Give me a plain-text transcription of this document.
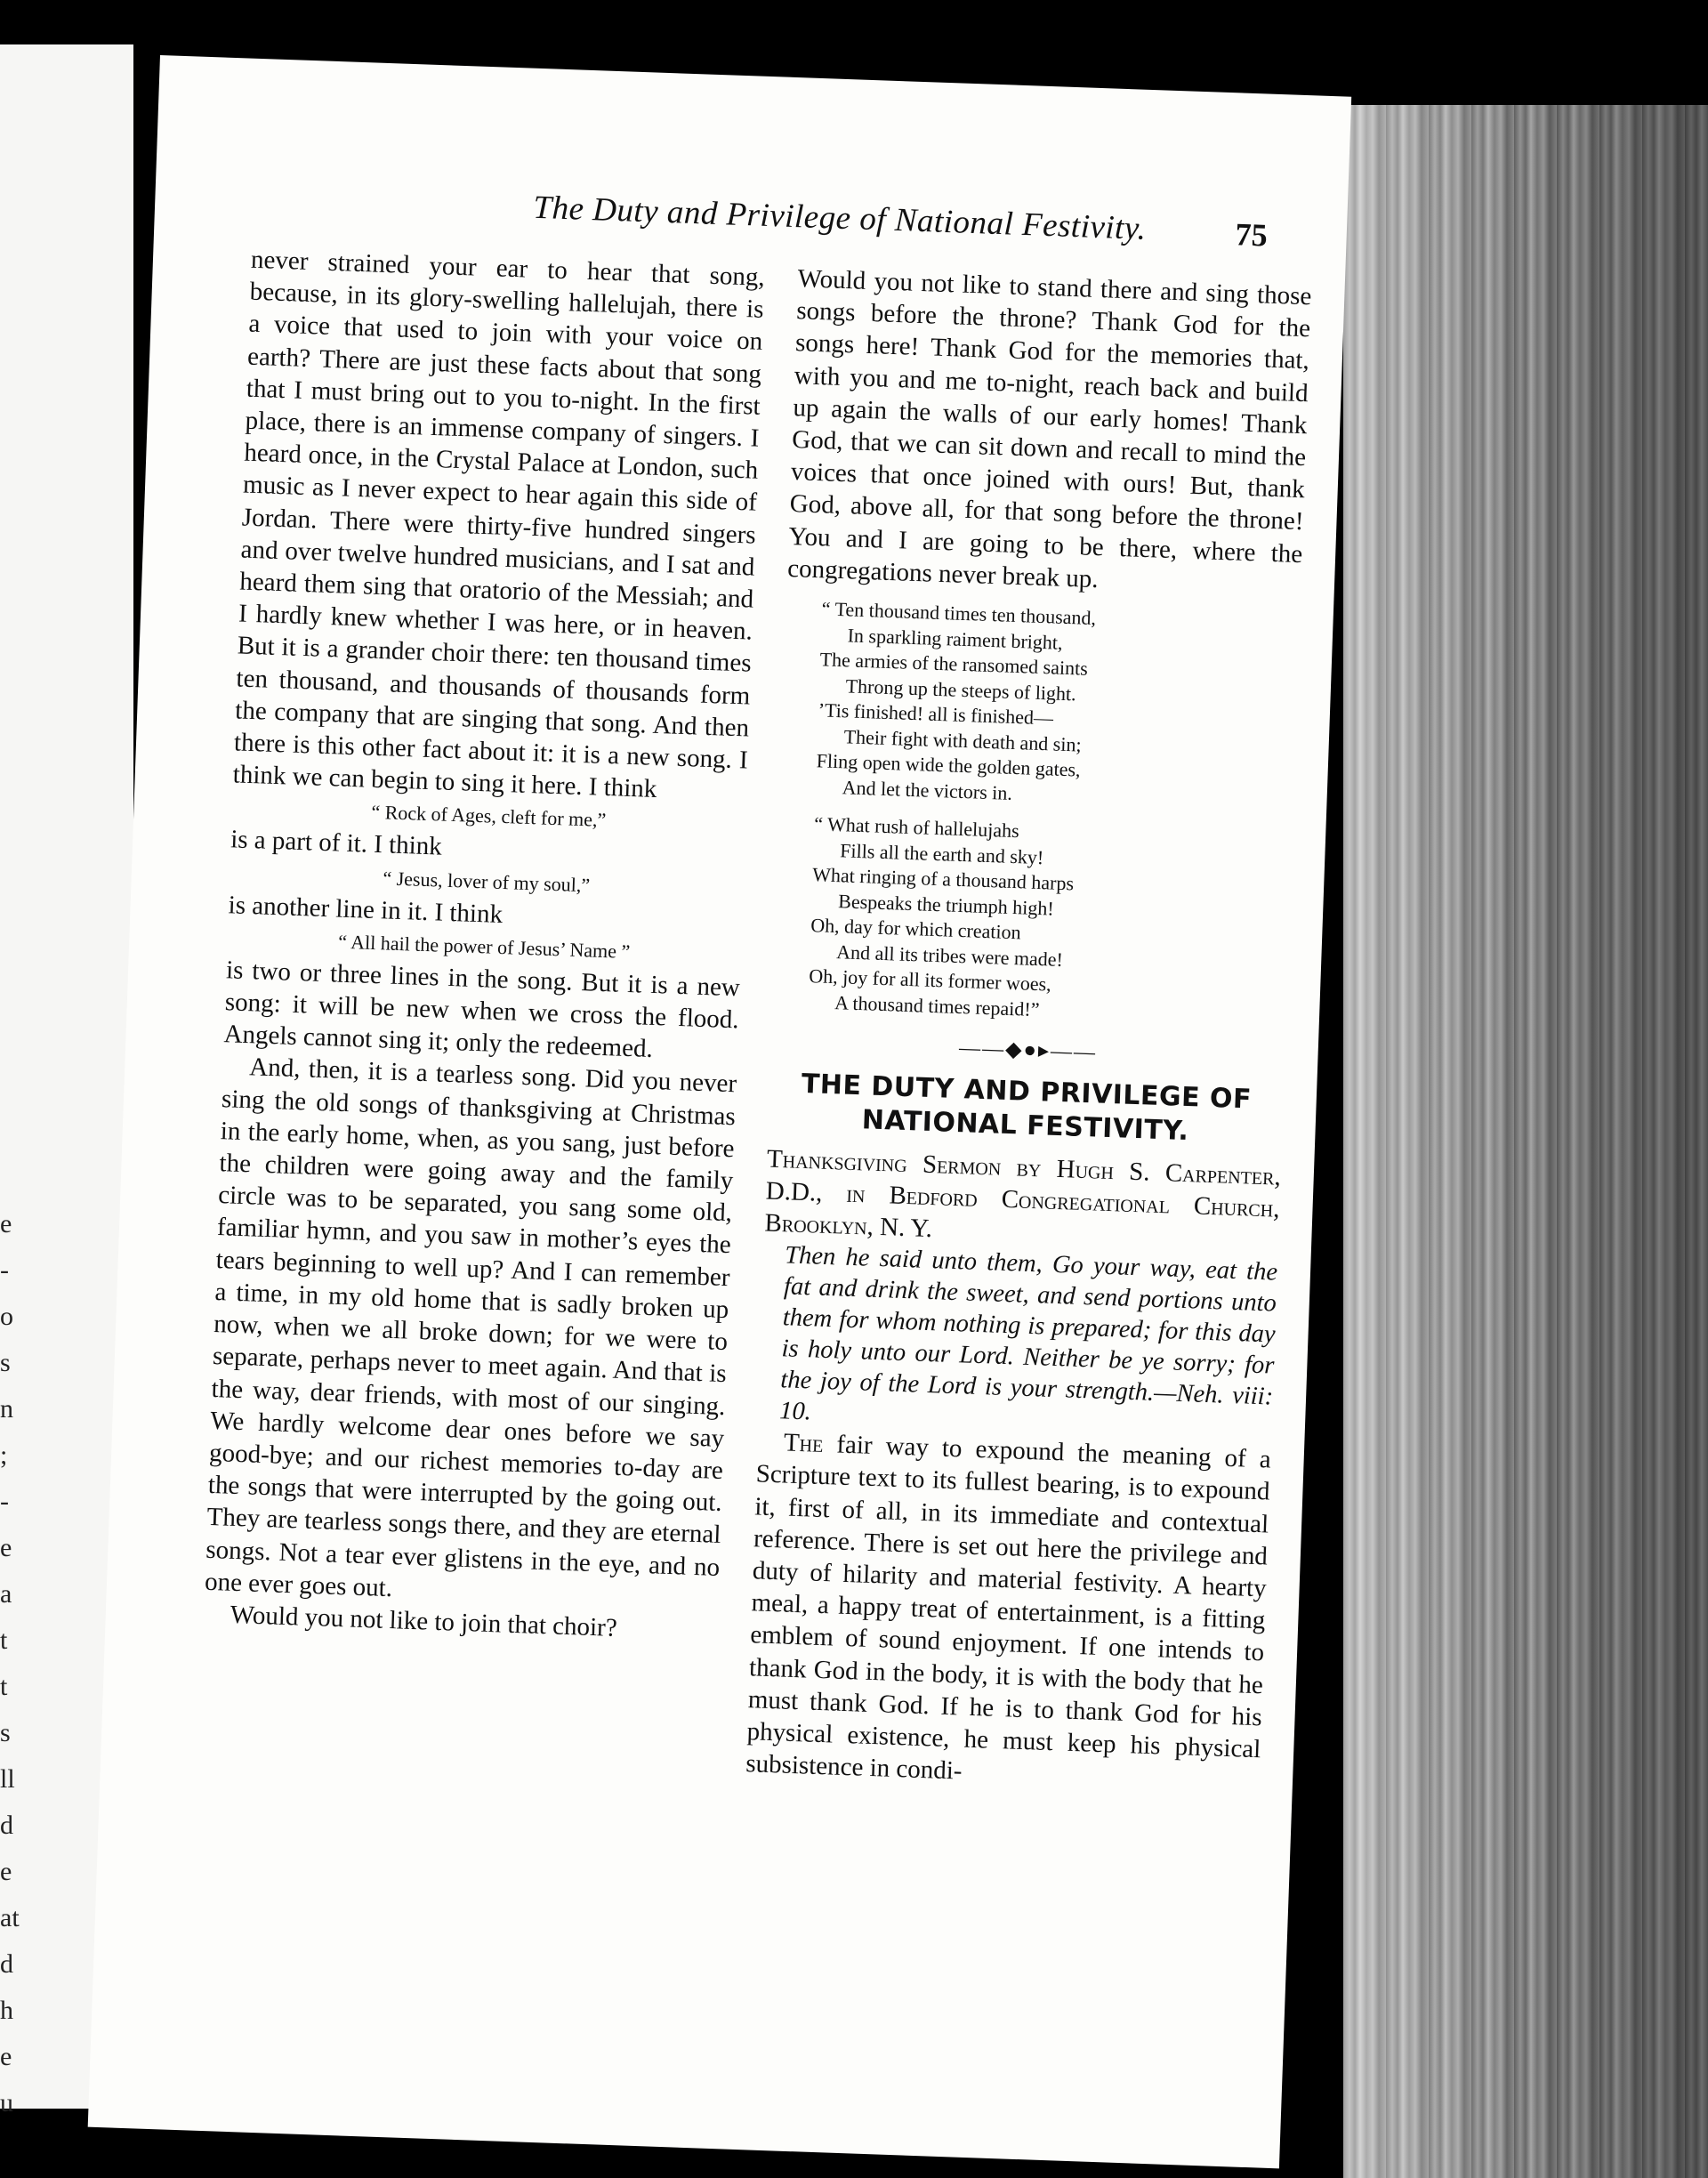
e
-
o
s
n
;
-
e
a
t
t
s
ll
d
e
at
d
h
e
u
The Duty and Privilege of National Festivity.	75

never strained your ear to hear that song, because, in its glory-swelling hallelujah, there is a voice that used to join with your voice on earth? There are just these facts about that song that I must bring out to you to-night. In the first place, there is an immense company of singers. I heard once, in the Crystal Palace at London, such music as I never expect to hear again this side of Jordan. There were thirty-five hundred singers and over twelve hundred musicians, and I sat and heard them sing that oratorio of the Messiah; and I hardly knew whether I was here, or in heaven. But it is a grander choir there: ten thousand times ten thousand, and thousands of thousands form the company that are singing that song. And then there is this other fact about it: it is a new song. I think we can begin to sing it here. I think

“ Rock of Ages, cleft for me,”

is a part of it. I think

“ Jesus, lover of my soul,”

is another line in it. I think

“ All hail the power of Jesus’ Name ”

is two or three lines in the song. But it is a new song: it will be new when we cross the flood. Angels cannot sing it; only the redeemed.

And, then, it is a tearless song. Did you never sing the old songs of thanksgiving at Christmas in the early home, when, as you sang, just before the children were going away and the family circle was to be separated, you sang some old, familiar hymn, and you saw in mother’s eyes the tears beginning to well up? And I can remember a time, in my old home that is sadly broken up now, when we all broke down; for we were to separate, perhaps never to meet again. And that is the way, dear friends, with most of our singing. We hardly welcome dear ones before we say good-bye; and our richest memories to-day are the songs that were interrupted by the going out. They are tearless songs there, and they are eternal songs. Not a tear ever glistens in the eye, and no one ever goes out.

Would you not like to join that choir?

Would you not like to stand there and sing those songs before the throne? Thank God for the songs here! Thank God for the memories that, with you and me to-night, reach back and build up again the walls of our early homes! Thank God, that we can sit down and recall to mind the voices that once joined with ours! But, thank God, above all, for that song before the throne! You and I are going to be there, where the congregations never break up.

“ Ten thousand times ten thousand,
In sparkling raiment bright,
The armies of the ransomed saints
Throng up the steeps of light.
’Tis finished! all is finished—
Their fight with death and sin;
Fling open wide the golden gates,
And let the victors in.
“ What rush of hallelujahs
Fills all the earth and sky!
What ringing of a thousand harps
Bespeaks the triumph high!
Oh, day for which creation
And all its tribes were made!
Oh, joy for all its former woes,
A thousand times repaid!”
——◆●▸——
THE DUTY AND PRIVILEGE OF NATIONAL FESTIVITY.

Thanksgiving Sermon by Hugh S. Carpenter, D.D., in Bedford Congregational Church, Brooklyn, N. Y.

Then he said unto them, Go your way, eat the fat and drink the sweet, and send portions unto them for whom nothing is prepared; for this day is holy unto our Lord. Neither be ye sorry; for the joy of the Lord is your strength.—Neh. viii: 10.

The fair way to expound the meaning of a Scripture text to its fullest bearing, is to expound it, first of all, in its immediate and contextual reference. There is set out here the privilege and duty of hilarity and material festivity. A hearty meal, a happy treat of entertainment, is a fitting emblem of sound enjoyment. If one intends to thank God in the body, it is with the body that he must thank God. If he is to thank God for his physical existence, he must keep his physical subsistence in condi-
